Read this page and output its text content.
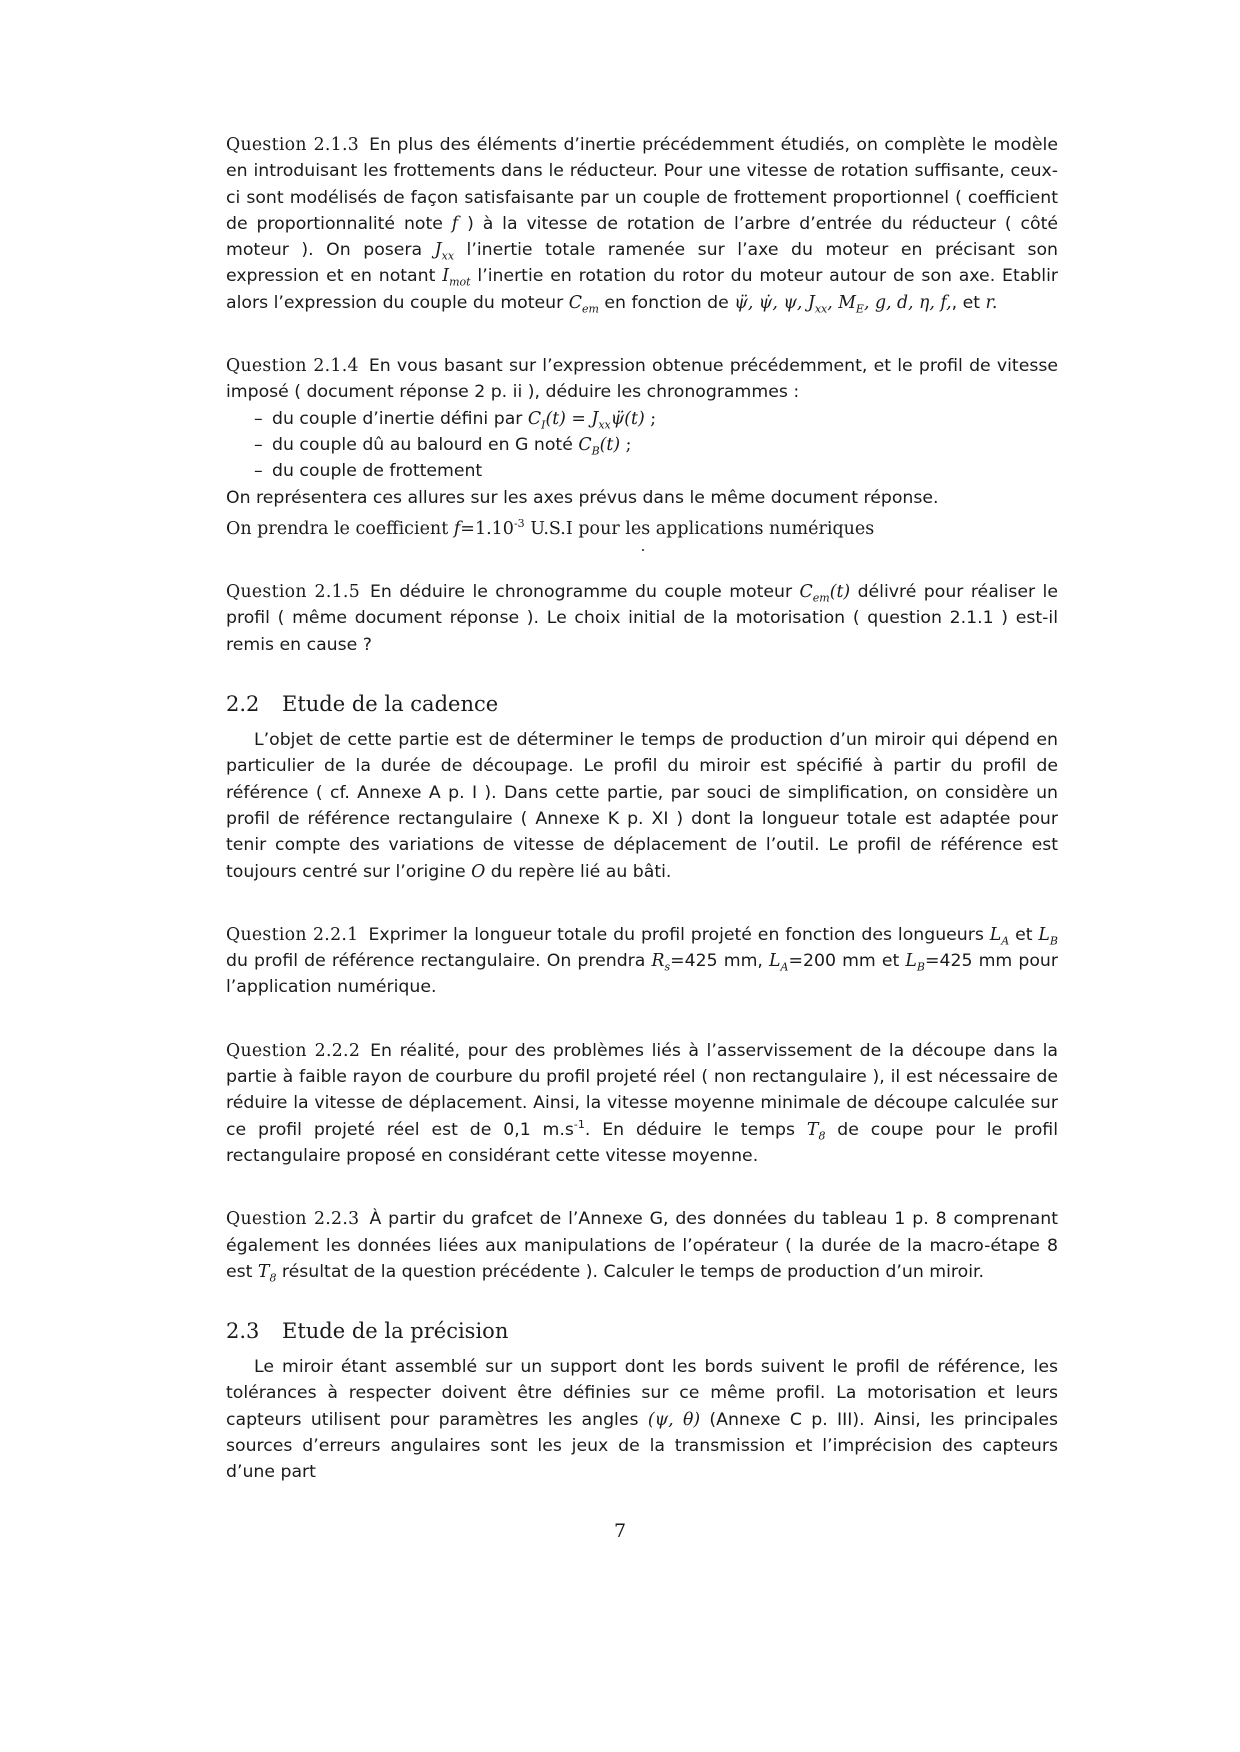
Question 2.1.3 En plus des éléments d’inertie précédemment étudiés, on complète le modèle en introduisant les frottements dans le réducteur. Pour une vitesse de rotation suffisante, ceux-ci sont modélisés de façon satisfaisante par un couple de frottement proportionnel ( coefficient de proportionnalité note f ) à la vitesse de rotation de l’arbre d’entrée du réducteur ( côté moteur ). On posera $J_{xx}$ l’inertie totale ramenée sur l’axe du moteur en précisant son expression et en notant $I_{mot}$ l’inertie en rotation du rotor du moteur autour de son axe. Etablir alors l’expression du couple du moteur $C_{em}$ en fonction de ψ̈, ψ̇, ψ, $J_{xx}$, $M_E$, g, d, η, f,, et r.

Question 2.1.4 En vous basant sur l’expression obtenue précédemment, et le profil de vitesse imposé ( document réponse 2 p. ii ), déduire les chronogrammes :

– du couple d’inertie défini par $C_I(t)$ = $J_{xx}\psï(t)$ ;
– du couple dû au balourd en G noté $C_B(t)$ ;
– du couple de frottement

On représentera ces allures sur les axes prévus dans le même document réponse.

On prendra le coefficient $f=1.10^{-3}$ U.S.I pour les applications numériques

Question 2.1.5 En déduire le chronogramme du couple moteur $C_{em}(t)$ délivré pour réaliser le profil ( même document réponse ). Le choix initial de la motorisation ( question 2.1.1 ) est-il remis en cause ?

2.2 Etude de la cadence

L’objet de cette partie est de déterminer le temps de production d’un miroir qui dépend en particulier de la durée de découpage. Le profil du miroir est spécifié à partir du profil de référence ( cf. Annexe A p. I ). Dans cette partie, par souci de simplification, on considère un profil de référence rectangulaire ( Annexe K p. XI ) dont la longueur totale est adaptée pour tenir compte des variations de vitesse de déplacement de l’outil. Le profil de référence est toujours centré sur l’origine O du repère lié au bâti.

Question 2.2.1 Exprimer la longueur totale du profil projeté en fonction des longueurs $L_A$ et $L_B$ du profil de référence rectangulaire. On prendra $R_s=425$ mm, $L_A=200$ mm et $L_B=425$ mm pour l’application numérique.

Question 2.2.2 En réalité, pour des problèmes liés à l’asservissement de la découpe dans la partie à faible rayon de courbure du profil projeté réel ( non rectangulaire ), il est nécessaire de réduire la vitesse de déplacement. Ainsi, la vitesse moyenne minimale de découpe calculée sur ce profil projeté réel est de 0,1 $m.s^{-1}$. En déduire le temps $T_8$ de coupe pour le profil rectangulaire proposé en considérant cette vitesse moyenne.

Question 2.2.3 À partir du grafcet de l’Annexe G, des données du tableau 1 p. 8 comprenant également les données liées aux manipulations de l’opérateur ( la durée de la macro-étape 8 est $T_8$ résultat de la question précédente ). Calculer le temps de production d’un miroir.

2.3 Etude de la précision

Le miroir étant assemblé sur un support dont les bords suivent le profil de référence, les tolérances à respecter doivent être définies sur ce même profil. La motorisation et leurs capteurs utilisent pour paramètres les angles (ψ, θ) (Annexe C p. III). Ainsi, les principales sources d’erreurs angulaires sont les jeux de la transmission et l’imprécision des capteurs d’une part

7
